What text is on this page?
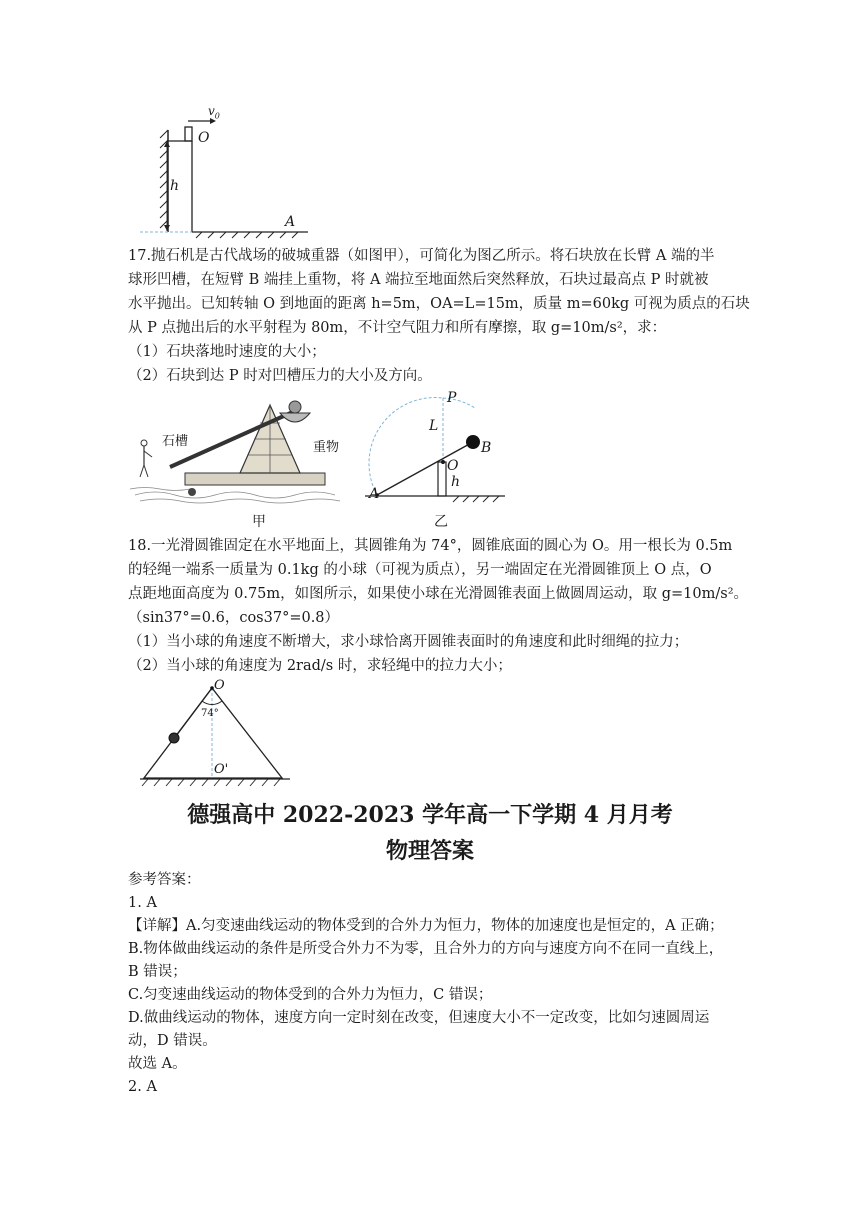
$v_0$
O
h
A
17.抛石机是古代战场的破城重器（如图甲），可简化为图乙所示。将石块放在长臂 A 端的半
球形凹槽，在短臂 B 端挂上重物，将 A 端拉至地面然后突然释放，石块过最高点 P 时就被
水平抛出。已知转轴 O 到地面的距离 h=5m，OA=L=15m，质量 m=60kg 可视为质点的石块
从 P 点抛出后的水平射程为 80m，不计空气阻力和所有摩擦，取 g=10m/s²，求：
（1）石块落地时速度的大小；
（2）石块到达 P 时对凹槽压力的大小及方向。
石槽	重物
甲
P
L
B
O
h
A
乙
18.一光滑圆锥固定在水平地面上，其圆锥角为 74°，圆锥底面的圆心为 O。用一根长为 0.5m
的轻绳一端系一质量为 0.1kg 的小球（可视为质点），另一端固定在光滑圆锥顶上 O 点，O
点距地面高度为 0.75m，如图所示，如果使小球在光滑圆锥表面上做圆周运动，取 g=10m/s²。
（sin37°=0.6，cos37°=0.8）
（1）当小球的角速度不断增大，求小球恰离开圆锥表面时的角速度和此时细绳的拉力；
（2）当小球的角速度为 2rad/s 时，求轻绳中的拉力大小；
O
74°
O'
德强高中 2022-2023 学年高一下学期 4 月月考
物理答案
参考答案：
1. A
【详解】A.匀变速曲线运动的物体受到的合外力为恒力，物体的加速度也是恒定的，A 正确；
B.物体做曲线运动的条件是所受合外力不为零，且合外力的方向与速度方向不在同一直线上，
B 错误；
C.匀变速曲线运动的物体受到的合外力为恒力，C 错误；
D.做曲线运动的物体，速度方向一定时刻在改变，但速度大小不一定改变，比如匀速圆周运
动，D 错误。
故选 A。
2. A
